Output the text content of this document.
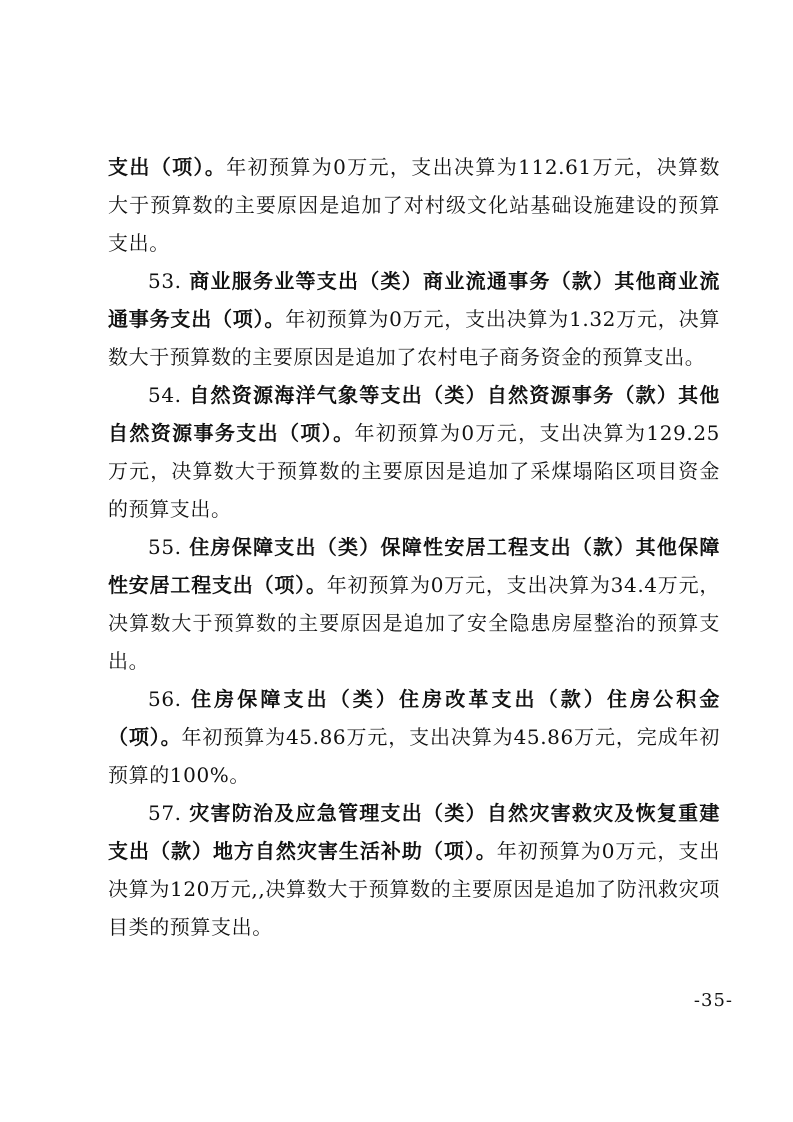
支出（项）。年初预算为0万元，支出决算为112.61万元，决算数大于预算数的主要原因是追加了对村级文化站基础设施建设的预算支出。

53. 商业服务业等支出（类）商业流通事务（款）其他商业流通事务支出（项）。年初预算为0万元，支出决算为1.32万元，决算数大于预算数的主要原因是追加了农村电子商务资金的预算支出。

54. 自然资源海洋气象等支出（类）自然资源事务（款）其他自然资源事务支出（项）。年初预算为0万元，支出决算为129.25万元，决算数大于预算数的主要原因是追加了采煤塌陷区项目资金的预算支出。

55. 住房保障支出（类）保障性安居工程支出（款）其他保障性安居工程支出（项）。年初预算为0万元，支出决算为34.4万元，决算数大于预算数的主要原因是追加了安全隐患房屋整治的预算支出。

56. 住房保障支出（类）住房改革支出（款）住房公积金（项）。年初预算为45.86万元，支出决算为45.86万元，完成年初预算的100%。

57. 灾害防治及应急管理支出（类）自然灾害救灾及恢复重建支出（款）地方自然灾害生活补助（项）。年初预算为0万元，支出决算为120万元,,决算数大于预算数的主要原因是追加了防汛救灾项目类的预算支出。

-35-
